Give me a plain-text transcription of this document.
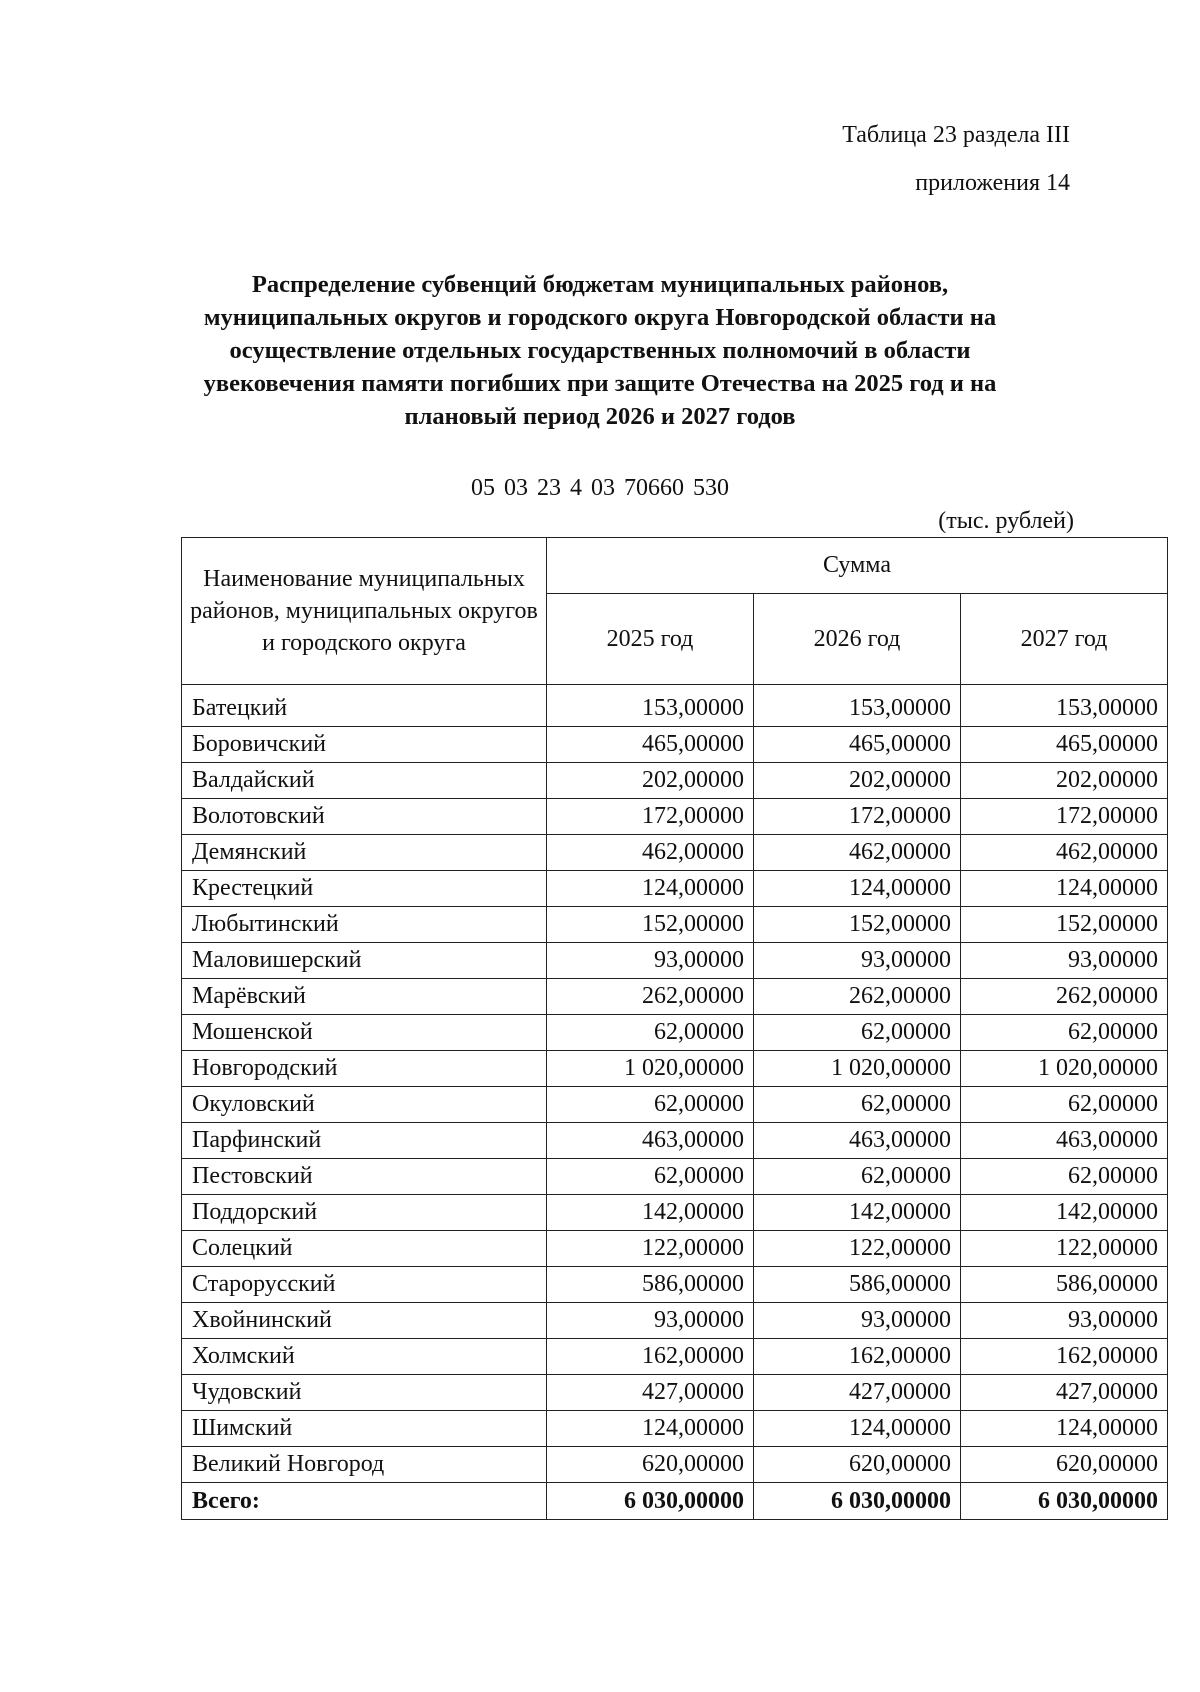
Таблица 23 раздела III
приложения 14
Распределение субвенций бюджетам муниципальных районов, муниципальных округов и городского округа Новгородской области на осуществление отдельных государственных полномочий в области увековечения памяти погибших при защите Отечества на 2025 год и на плановый период 2026 и 2027 годов
05 03 23 4 03 70660 530
(тыс. рублей)
Наименование муниципальных районов, муниципальных округов и городского округа	Сумма		
	2025 год	2026 год	2027 год
Батецкий	153,00000	153,00000	153,00000
Боровичский	465,00000	465,00000	465,00000
Валдайский	202,00000	202,00000	202,00000
Волотовский	172,00000	172,00000	172,00000
Демянский	462,00000	462,00000	462,00000
Крестецкий	124,00000	124,00000	124,00000
Любытинский	152,00000	152,00000	152,00000
Маловишерский	93,00000	93,00000	93,00000
Марёвский	262,00000	262,00000	262,00000
Мошенской	62,00000	62,00000	62,00000
Новгородский	1 020,00000	1 020,00000	1 020,00000
Окуловский	62,00000	62,00000	62,00000
Парфинский	463,00000	463,00000	463,00000
Пестовский	62,00000	62,00000	62,00000
Поддорский	142,00000	142,00000	142,00000
Солецкий	122,00000	122,00000	122,00000
Старорусский	586,00000	586,00000	586,00000
Хвойнинский	93,00000	93,00000	93,00000
Холмский	162,00000	162,00000	162,00000
Чудовский	427,00000	427,00000	427,00000
Шимский	124,00000	124,00000	124,00000
Великий Новгород	620,00000	620,00000	620,00000
Всего:	6 030,00000	6 030,00000	6 030,00000
